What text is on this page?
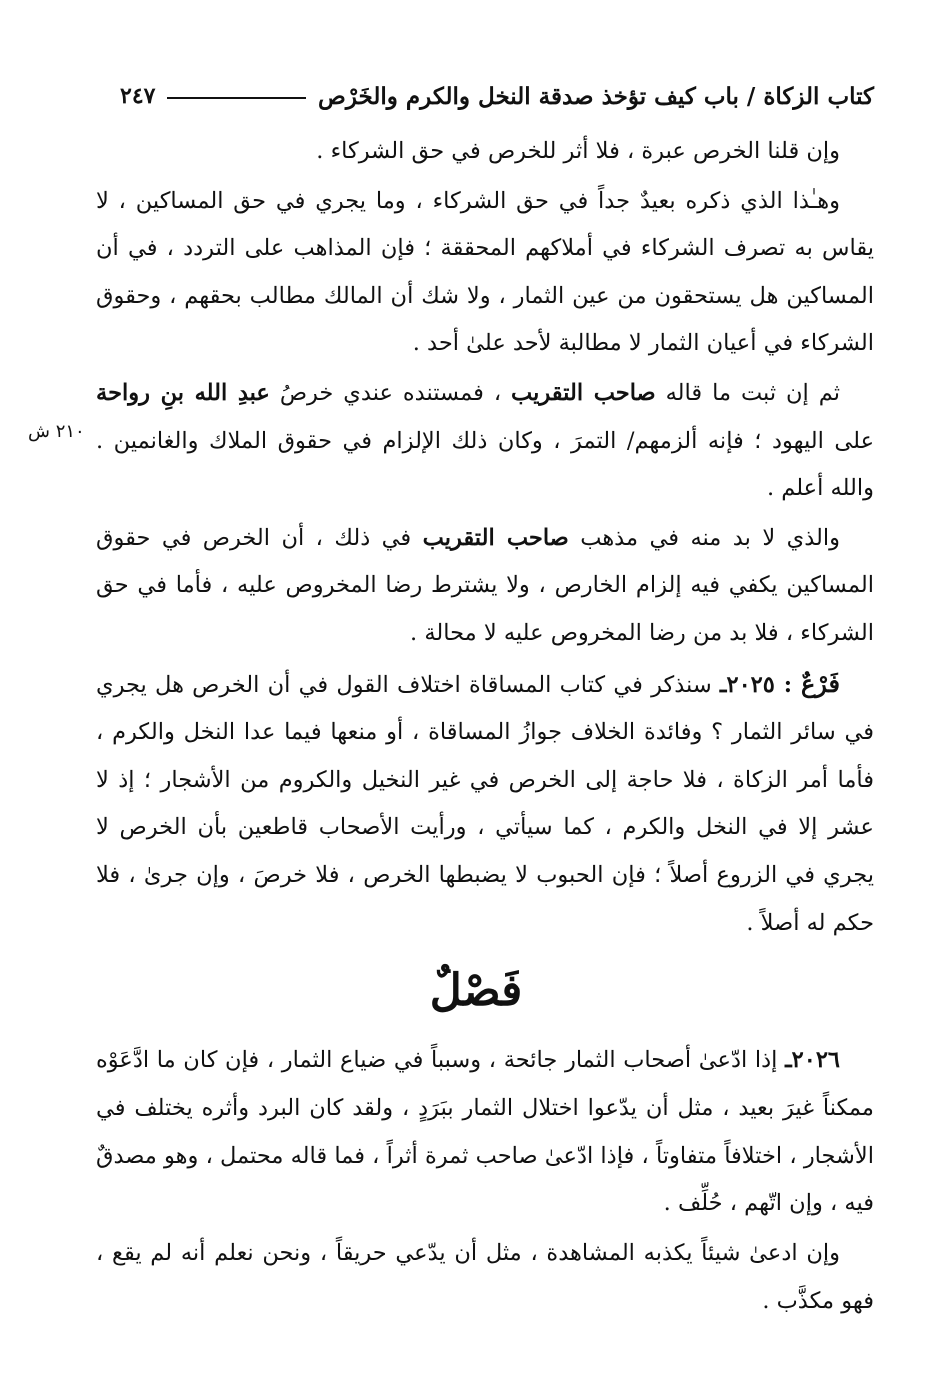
كتاب الزكاة / باب كيف تؤخذ صدقة النخل والكرم والخَرْص
٢٤٧
٢١٠ ش

وإن قلنا الخرص عبرة ، فلا أثر للخرص في حق الشركاء .

وهـٰذا الذي ذكره بعيدٌ جداً في حق الشركاء ، وما يجري في حق المساكين ، لا يقاس به تصرف الشركاء في أملاكهم المحققة ؛ فإن المذاهب على التردد ، في أن المساكين هل يستحقون من عين الثمار ، ولا شك أن المالك مطالب بحقهم ، وحقوق الشركاء في أعيان الثمار لا مطالبة لأحد علىٰ أحد .

ثم إن ثبت ما قاله صاحب التقريب ، فمستنده عندي خرصُ عبدِ الله بنِ رواحة على اليهود ؛ فإنه ألزمهم/ التمرَ ، وكان ذلك الإلزام في حقوق الملاك والغانمين . والله أعلم .

والذي لا بد منه في مذهب صاحب التقريب في ذلك ، أن الخرص في حقوق المساكين يكفي فيه إلزام الخارص ، ولا يشترط رضا المخروص عليه ، فأما في حق الشركاء ، فلا بد من رضا المخروص عليه لا محالة .

فَرْعٌ : ٢٠٢٥ـ سنذكر في كتاب المساقاة اختلاف القول في أن الخرص هل يجري في سائر الثمار ؟ وفائدة الخلاف جوازُ المساقاة ، أو منعها فيما عدا النخل والكرم ، فأما أمر الزكاة ، فلا حاجة إلى الخرص في غير النخيل والكروم من الأشجار ؛ إذ لا عشر إلا في النخل والكرم ، كما سيأتي ، ورأيت الأصحاب قاطعين بأن الخرص لا يجري في الزروع أصلاً ؛ فإن الحبوب لا يضبطها الخرص ، فلا خرصَ ، وإن جرىٰ ، فلا حكم له أصلاً .

فَصْلٌ

٢٠٢٦ـ إذا ادّعىٰ أصحاب الثمار جائحة ، وسبباً في ضياع الثمار ، فإن كان ما ادَّعَوْه ممكناً غيرَ بعيد ، مثل أن يدّعوا اختلال الثمار ببَرَدٍ ، ولقد كان البرد وأثره يختلف في الأشجار ، اختلافاً متفاوتاً ، فإذا ادّعىٰ صاحب ثمرة أثراً ، فما قاله محتمل ، وهو مصدقٌ فيه ، وإن اتّهم ، حُلِّف .

وإن ادعىٰ شيئاً يكذبه المشاهدة ، مثل أن يدّعي حريقاً ، ونحن نعلم أنه لم يقع ، فهو مكذَّب .
